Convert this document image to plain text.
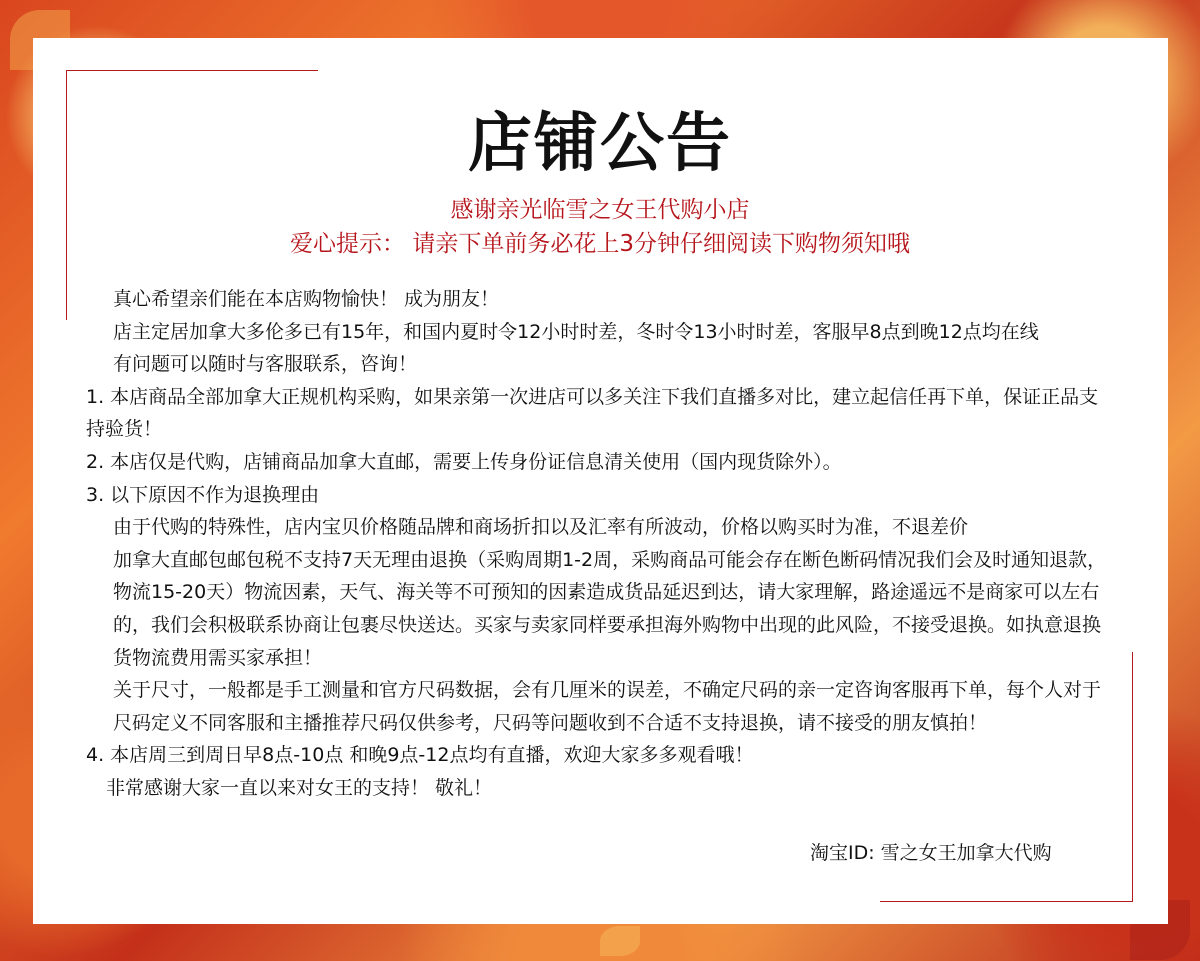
店铺公告
感谢亲光临雪之女王代购小店
爱心提示： 请亲下单前务必花上3分钟仔细阅读下购物须知哦

真心希望亲们能在本店购物愉快！ 成为朋友！

店主定居加拿大多伦多已有15年，和国内夏时令12小时时差，冬时令13小时时差，客服早8点到晚12点均在线

有问题可以随时与客服联系，咨询！

1. 本店商品全部加拿大正规机构采购，如果亲第一次进店可以多关注下我们直播多对比，建立起信任再下单，保证正品支持验货！

2. 本店仅是代购，店铺商品加拿大直邮，需要上传身份证信息清关使用（国内现货除外）。

3. 以下原因不作为退换理由

由于代购的特殊性，店内宝贝价格随品牌和商场折扣以及汇率有所波动，价格以购买时为准，不退差价

加拿大直邮包邮包税不支持7天无理由退换（采购周期1-2周，采购商品可能会存在断色断码情况我们会及时通知退款，物流15-20天）物流因素，天气、海关等不可预知的因素造成货品延迟到达，请大家理解，路途遥远不是商家可以左右的，我们会积极联系协商让包裹尽快送达。买家与卖家同样要承担海外购物中出现的此风险，不接受退换。如执意退换货物流费用需买家承担！

关于尺寸，一般都是手工测量和官方尺码数据，会有几厘米的误差，不确定尺码的亲一定咨询客服再下单，每个人对于尺码定义不同客服和主播推荐尺码仅供参考，尺码等问题收到不合适不支持退换，请不接受的朋友慎拍！

4. 本店周三到周日早8点-10点 和晚9点-12点均有直播，欢迎大家多多观看哦！

非常感谢大家一直以来对女王的支持！ 敬礼！

淘宝ID: 雪之女王加拿大代购
